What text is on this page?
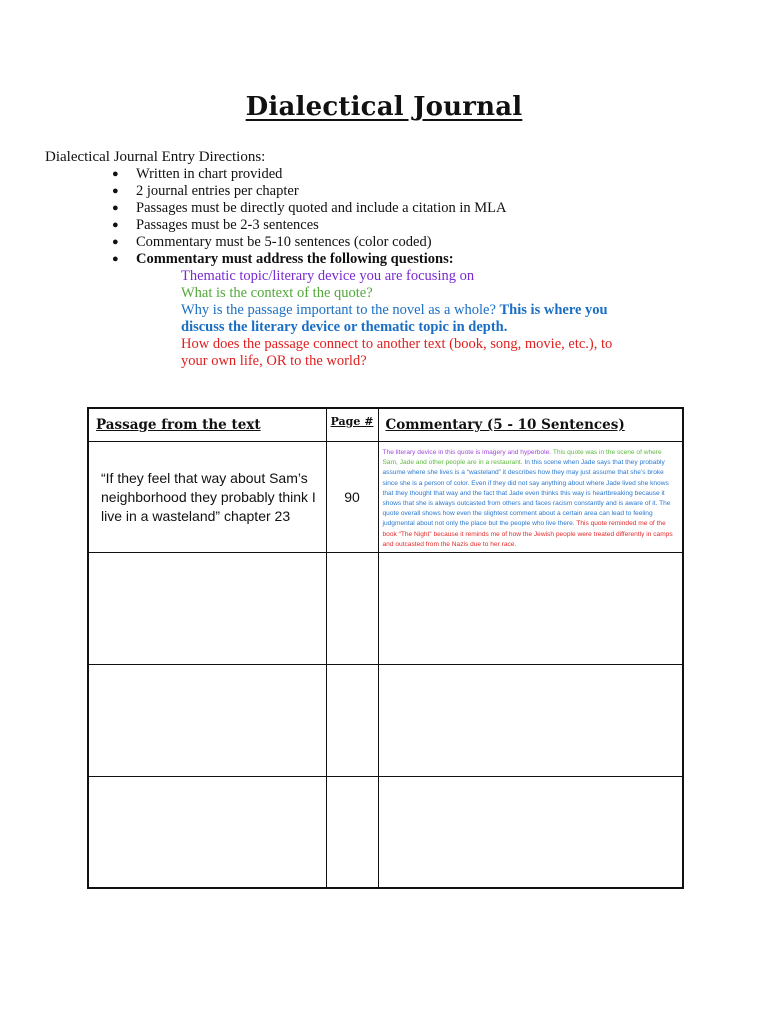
Dialectical Journal
Dialectical Journal Entry Directions:
● Written in chart provided
● 2 journal entries per chapter
● Passages must be directly quoted and include a citation in MLA
● Passages must be 2-3 sentences
● Commentary must be 5-10 sentences (color coded)
● Commentary must address the following questions:
Thematic topic/literary device you are focusing on
What is the context of the quote?
Why is the passage important to the novel as a whole? This is where you
discuss the literary device or thematic topic in depth.
How does the passage connect to another text (book, song, movie, etc.), to
your own life, OR to the world?
Passage from the text	Page #	Commentary (5 - 10 Sentences)
“If they feel that way about Sam’s neighborhood they probably think I live in a wasteland” chapter 23	90	The literary device in this quote is imagery and hyperbole. This quote was in the scene of where Sam, Jade and other people are in a restaurant. In this scene when Jade says that they probably assume where she lives is a “wasteland” it describes how they may just assume that she’s broke since she is a person of color. Even if they did not say anything about where Jade lived she knows that they thought that way and the fact that Jade even thinks this way is heartbreaking because it shows that she is always outcasted from others and faces racism constantly and is aware of it. The quote overall shows how even the slightest comment about a certain area can lead to feeling judgmental about not only the place but the people who live there. This quote reminded me of the book “The Night” because it reminds me of how the Jewish people were treated differently in camps and outcasted from the Nazis due to her race.
